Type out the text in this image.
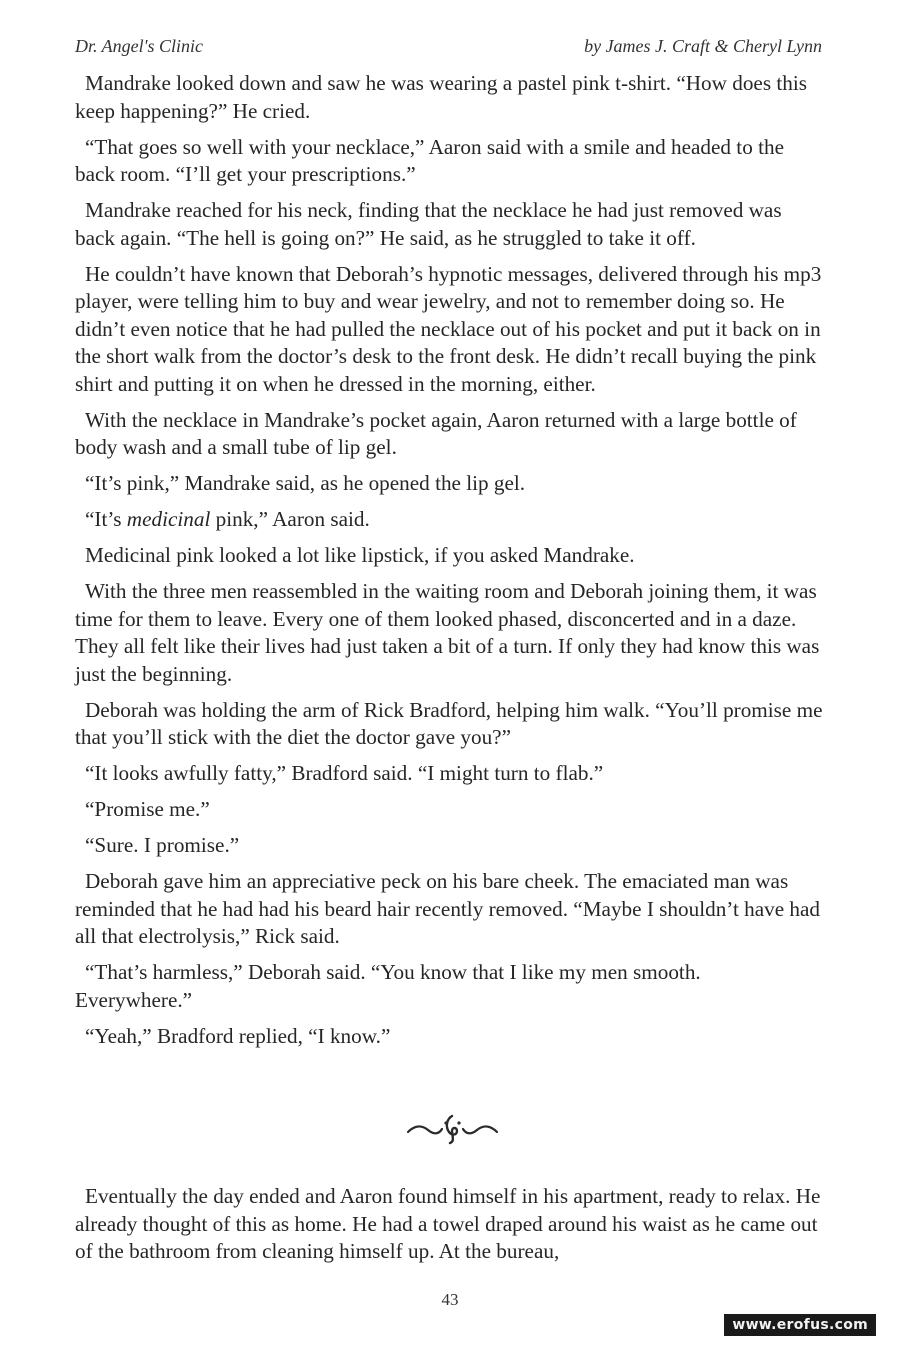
Dr. Angel's Clinic	by James J. Craft & Cheryl Lynn

Mandrake looked down and saw he was wearing a pastel pink t-shirt. “How does this keep happening?” He cried.

“That goes so well with your necklace,” Aaron said with a smile and headed to the back room. “I’ll get your prescriptions.”

Mandrake reached for his neck, finding that the necklace he had just removed was back again. “The hell is going on?” He said, as he struggled to take it off.

He couldn’t have known that Deborah’s hypnotic messages, delivered through his mp3 player, were telling him to buy and wear jewelry, and not to remember doing so. He didn’t even notice that he had pulled the necklace out of his pocket and put it back on in the short walk from the doctor’s desk to the front desk. He didn’t recall buying the pink shirt and putting it on when he dressed in the morning, either.

With the necklace in Mandrake’s pocket again, Aaron returned with a large bottle of body wash and a small tube of lip gel.

“It’s pink,” Mandrake said, as he opened the lip gel.

“It’s medicinal pink,” Aaron said.

Medicinal pink looked a lot like lipstick, if you asked Mandrake.

With the three men reassembled in the waiting room and Deborah joining them, it was time for them to leave. Every one of them looked phased, disconcerted and in a daze. They all felt like their lives had just taken a bit of a turn. If only they had know this was just the beginning.

Deborah was holding the arm of Rick Bradford, helping him walk. “You’ll promise me that you’ll stick with the diet the doctor gave you?”

“It looks awfully fatty,” Bradford said. “I might turn to flab.”

“Promise me.”

“Sure. I promise.”

Deborah gave him an appreciative peck on his bare cheek. The emaciated man was reminded that he had had his beard hair recently removed. “Maybe I shouldn’t have had all that electrolysis,” Rick said.

“That’s harmless,” Deborah said. “You know that I like my men smooth. Everywhere.”

“Yeah,” Bradford replied, “I know.”

Eventually the day ended and Aaron found himself in his apartment, ready to relax. He already thought of this as home. He had a towel draped around his waist as he came out of the bathroom from cleaning himself up. At the bureau,

43
www.erofus.com
